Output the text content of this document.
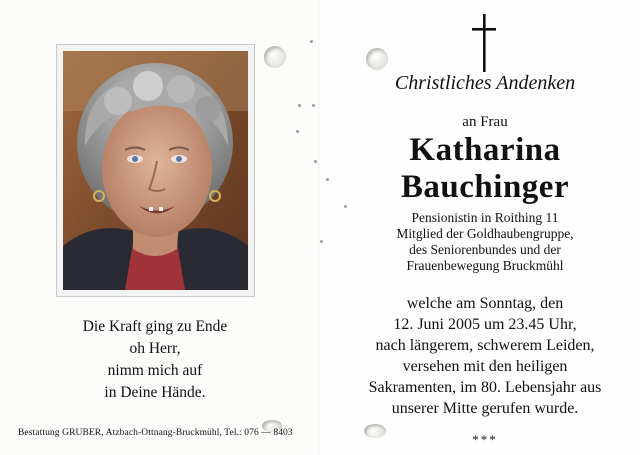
Die Kraft ging zu Ende
oh Herr,
nimm mich auf
in Deine Hände.
Bestattung GRUBER, Atzbach-Ottnang-Bruckmühl, Tel.: 076 — 8403
Christliches Andenken
an Frau
Katharina
Bauchinger
Pensionistin in Roithing 11
Mitglied der Goldhaubengruppe,
des Seniorenbundes und der
Frauenbewegung Bruckmühl
welche am Sonntag, den
12. Juni 2005 um 23.45 Uhr,
nach längerem, schwerem Leiden,
versehen mit den heiligen
Sakramenten, im 80. Lebensjahr aus
unserer Mitte gerufen wurde.
***
